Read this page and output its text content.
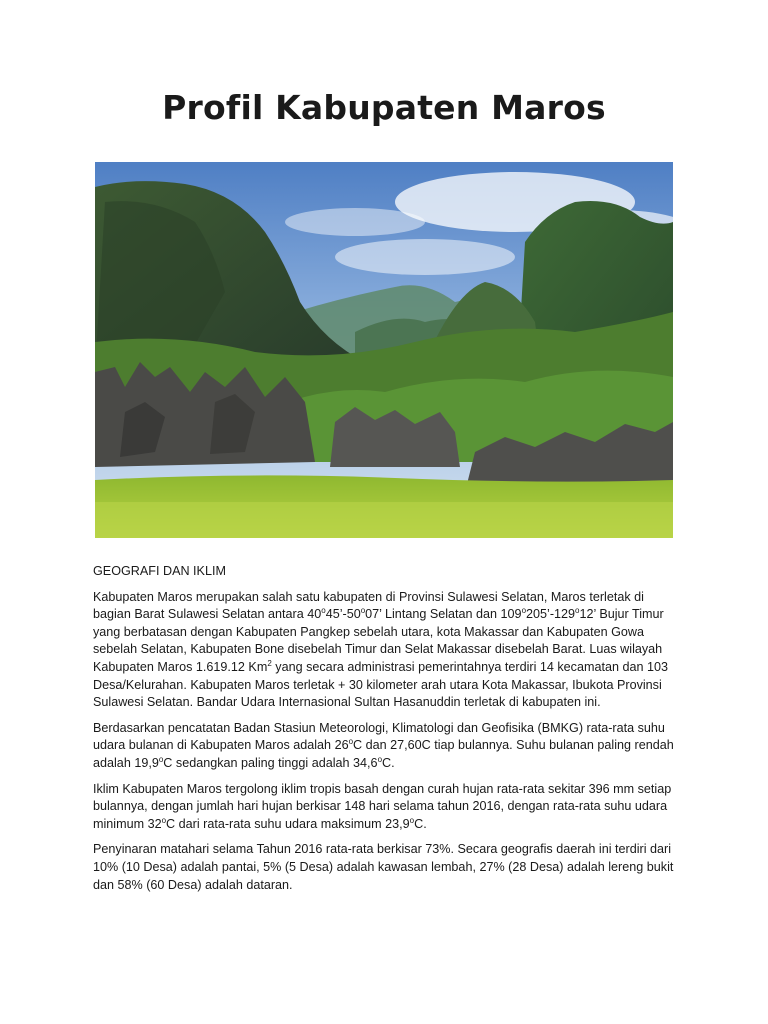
Profil Kabupaten Maros
GEOGRAFI DAN IKLIM

Kabupaten Maros merupakan salah satu kabupaten di Provinsi Sulawesi Selatan, Maros terletak di bagian Barat Sulawesi Selatan antara 40$^o$45’-50$^o$07’ Lintang Selatan dan 109$^o$205’-129$^o$12’ Bujur Timur yang berbatasan dengan Kabupaten Pangkep sebelah utara, kota Makassar dan Kabupaten Gowa sebelah Selatan, Kabupaten Bone disebelah Timur dan Selat Makassar disebelah Barat. Luas wilayah Kabupaten Maros 1.619.12 Km$^2$ yang secara administrasi pemerintahnya terdiri 14 kecamatan dan 103 Desa/Kelurahan. Kabupaten Maros terletak + 30 kilometer arah utara Kota Makassar, Ibukota Provinsi Sulawesi Selatan. Bandar Udara Internasional Sultan Hasanuddin terletak di kabupaten ini.

Berdasarkan pencatatan Badan Stasiun Meteorologi, Klimatologi dan Geofisika (BMKG) rata-rata suhu udara bulanan di Kabupaten Maros adalah 26$^o$C dan 27,60C tiap bulannya. Suhu bulanan paling rendah adalah 19,9$^o$C sedangkan paling tinggi adalah 34,6$^o$C.

Iklim Kabupaten Maros tergolong iklim tropis basah dengan curah hujan rata-rata sekitar 396 mm setiap bulannya, dengan jumlah hari hujan berkisar 148 hari selama tahun 2016, dengan rata-rata suhu udara minimum 32$^o$C dari rata-rata suhu udara maksimum 23,9$^o$C.

Penyinaran matahari selama Tahun 2016 rata-rata berkisar 73%. Secara geografis daerah ini terdiri dari 10% (10 Desa) adalah pantai, 5% (5 Desa) adalah kawasan lembah, 27% (28 Desa) adalah lereng bukit dan 58% (60 Desa) adalah dataran.
